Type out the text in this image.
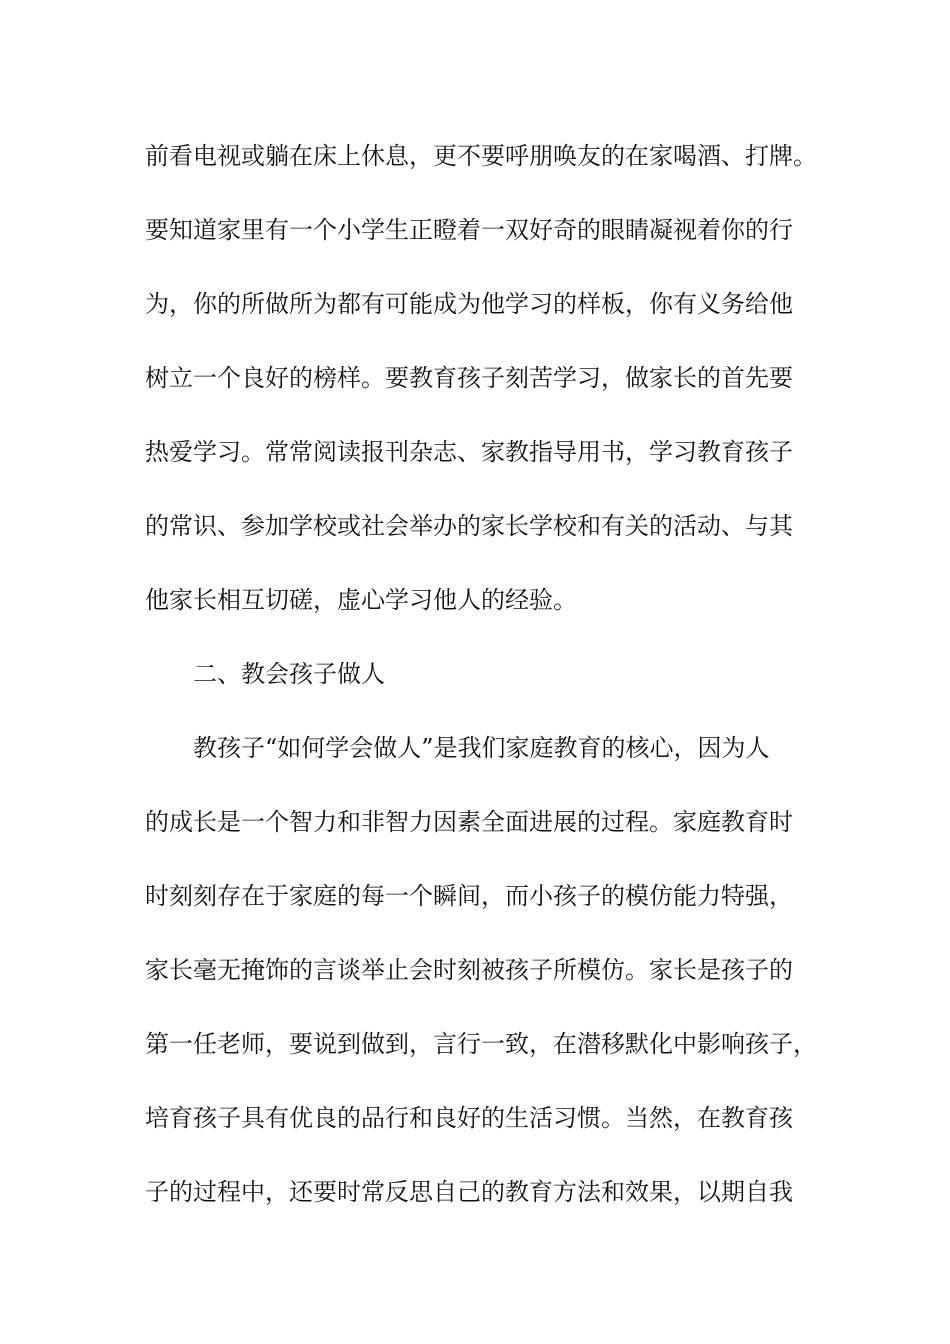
前看电视或躺在床上休息，更不要呼朋唤友的在家喝酒、打牌。

要知道家里有一个小学生正瞪着一双好奇的眼睛凝视着你的行

为，你的所做所为都有可能成为他学习的样板，你有义务给他

树立一个良好的榜样。要教育孩子刻苦学习，做家长的首先要

热爱学习。常常阅读报刊杂志、家教指导用书，学习教育孩子

的常识、参加学校或社会举办的家长学校和有关的活动、与其

他家长相互切磋，虚心学习他人的经验。

二、教会孩子做人

教孩子“如何学会做人”是我们家庭教育的核心，因为人

的成长是一个智力和非智力因素全面进展的过程。家庭教育时

时刻刻存在于家庭的每一个瞬间，而小孩子的模仿能力特强，

家长毫无掩饰的言谈举止会时刻被孩子所模仿。家长是孩子的

第一任老师，要说到做到，言行一致，在潜移默化中影响孩子，

培育孩子具有优良的品行和良好的生活习惯。当然，在教育孩

子的过程中，还要时常反思自己的教育方法和效果，以期自我
